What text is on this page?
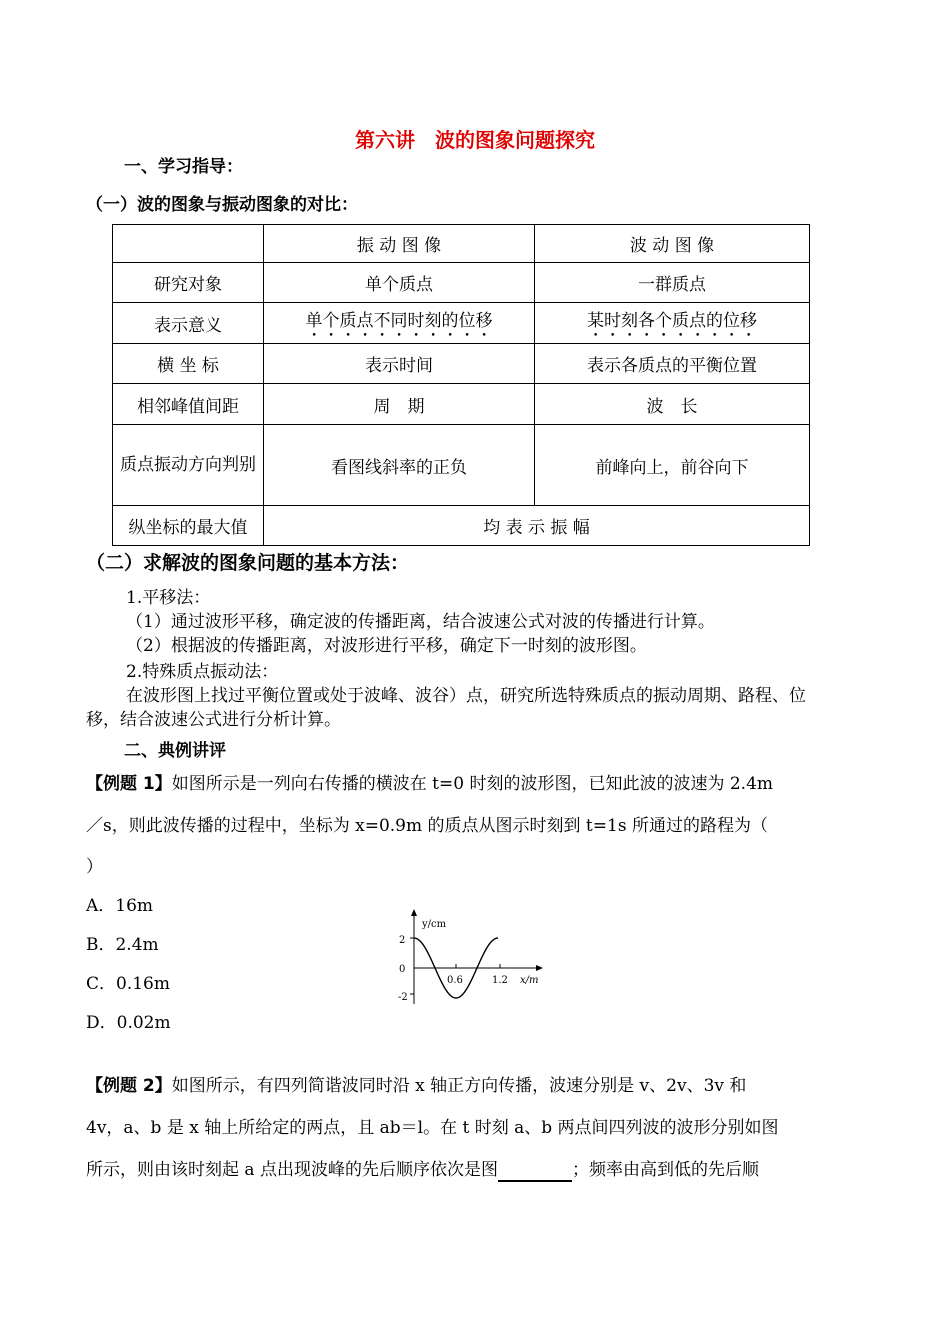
第六讲　波的图象问题探究
一、学习指导：
（一）波的图象与振动图象的对比：
	振 动 图 像	波 动 图 像
研究对象	单个质点	一群质点
表示意义	单个质点不同时刻的位移	某时刻各个质点的位移
横 坐 标	表示时间	表示各质点的平衡位置
相邻峰值间距	周　期	波　长
质点振动方向判别	看图线斜率的正负	前峰向上，前谷向下
纵坐标的最大值	均 表 示 振 幅	
（二）求解波的图象问题的基本方法：
1.平移法：
（1）通过波形平移，确定波的传播距离，结合波速公式对波的传播进行计算。
（2）根据波的传播距离，对波形进行平移，确定下一时刻的波形图。
2.特殊质点振动法：
在波形图上找过平衡位置或处于波峰、波谷）点，研究所选特殊质点的振动周期、路程、位移，结合波速公式进行分析计算。
二、典例讲评
【例题 1】如图所示是一列向右传播的横波在 t=0 时刻的波形图，已知此波的波速为 2.4m
／s，则此波传播的过程中，坐标为 x=0.9m 的质点从图示时刻到 t=1s 所通过的路程为（
）
A．16m
B．2.4m
C．0.16m
D．0.02m
y/cm
2
0
-2
0.6	1.2 x/m
【例题 2】如图所示，有四列简谐波同时沿 x 轴正方向传播，波速分别是 v、2v、3v 和
4v，a、b 是 x 轴上所给定的两点，且 ab＝l。在 t 时刻 a、b 两点间四列波的波形分别如图
所示，则由该时刻起 a 点出现波峰的先后顺序依次是图	；频率由高到低的先后顺
